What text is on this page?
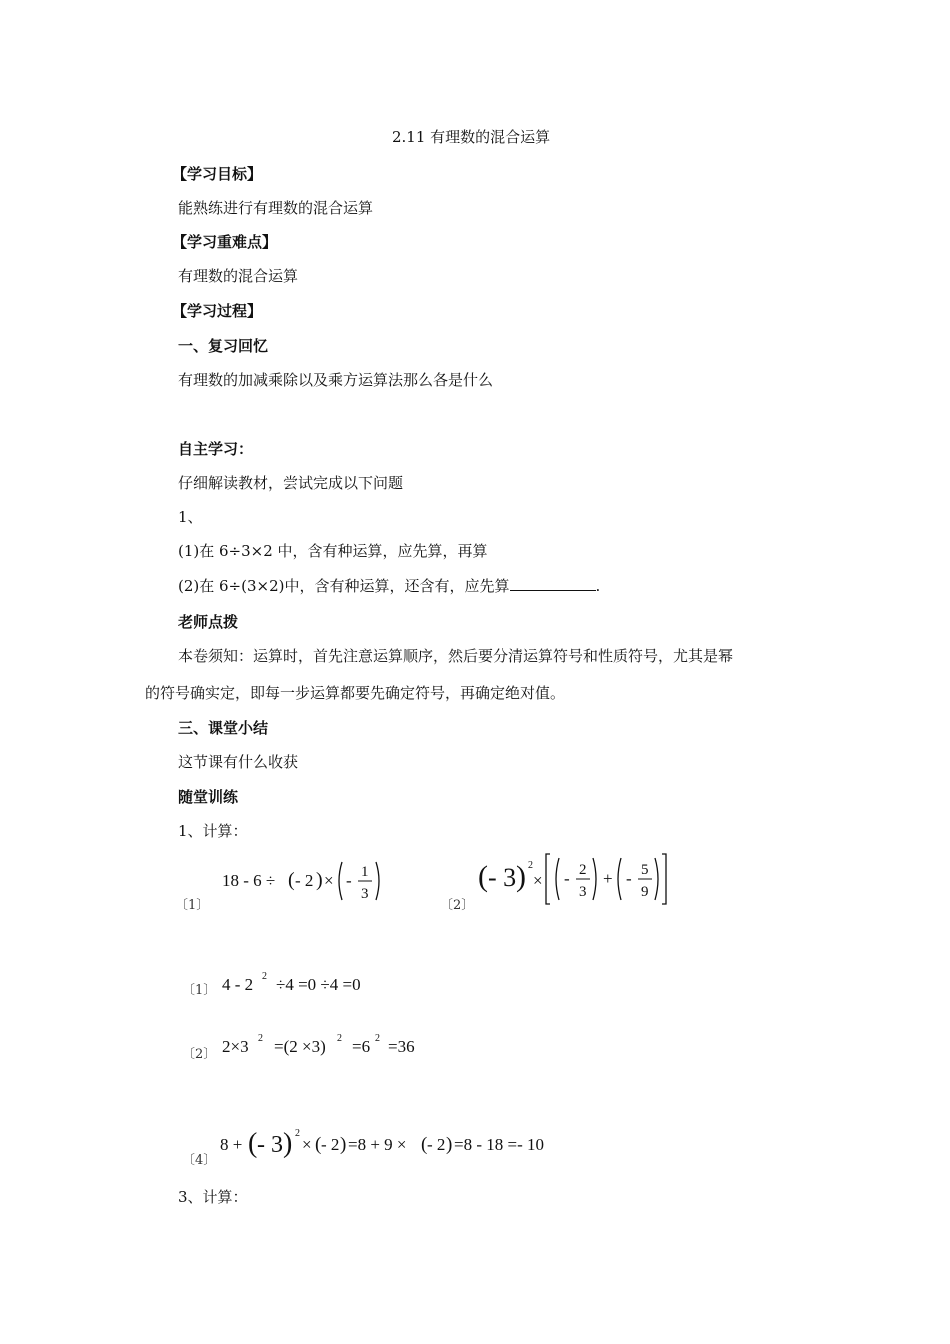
2.11 有理数的混合运算
【学习目标】
能熟练进行有理数的混合运算
【学习重难点】
有理数的混合运算
【学习过程】
一、复习回忆
有理数的加减乘除以及乘方运算法那么各是什么
自主学习：
仔细解读教材，尝试完成以下问题
1、
(1)在 6÷3×2 中，含有种运算，应先算，再算
(2)在 6÷(3×2)中，含有种运算，还含有，应先算	.
老师点拨
本卷须知：运算时，首先注意运算顺序，然后要分清运算符号和性质符号，尤其是幂
的符号确实定，即每一步运算都要先确定符号，再确定绝对值。
三、课堂小结
这节课有什么收获
随堂训练
1、计算：
〔1〕
18 - 6 ÷ ( - 2 ) × - 1
3
〔2〕
( - 3 ) 2
× - 2
3
+ - 5
9
〔1〕 4 - 2 2 ÷4 =0 ÷4 =0
〔2〕 2×3 2 =(2 ×3) 2 =6 2 =36
〔4〕
8 + ( - 3 ) 2
× ( - 2 ) =8 + 9 × ( - 2 ) =8 - 18 =- 10
3、计算：
